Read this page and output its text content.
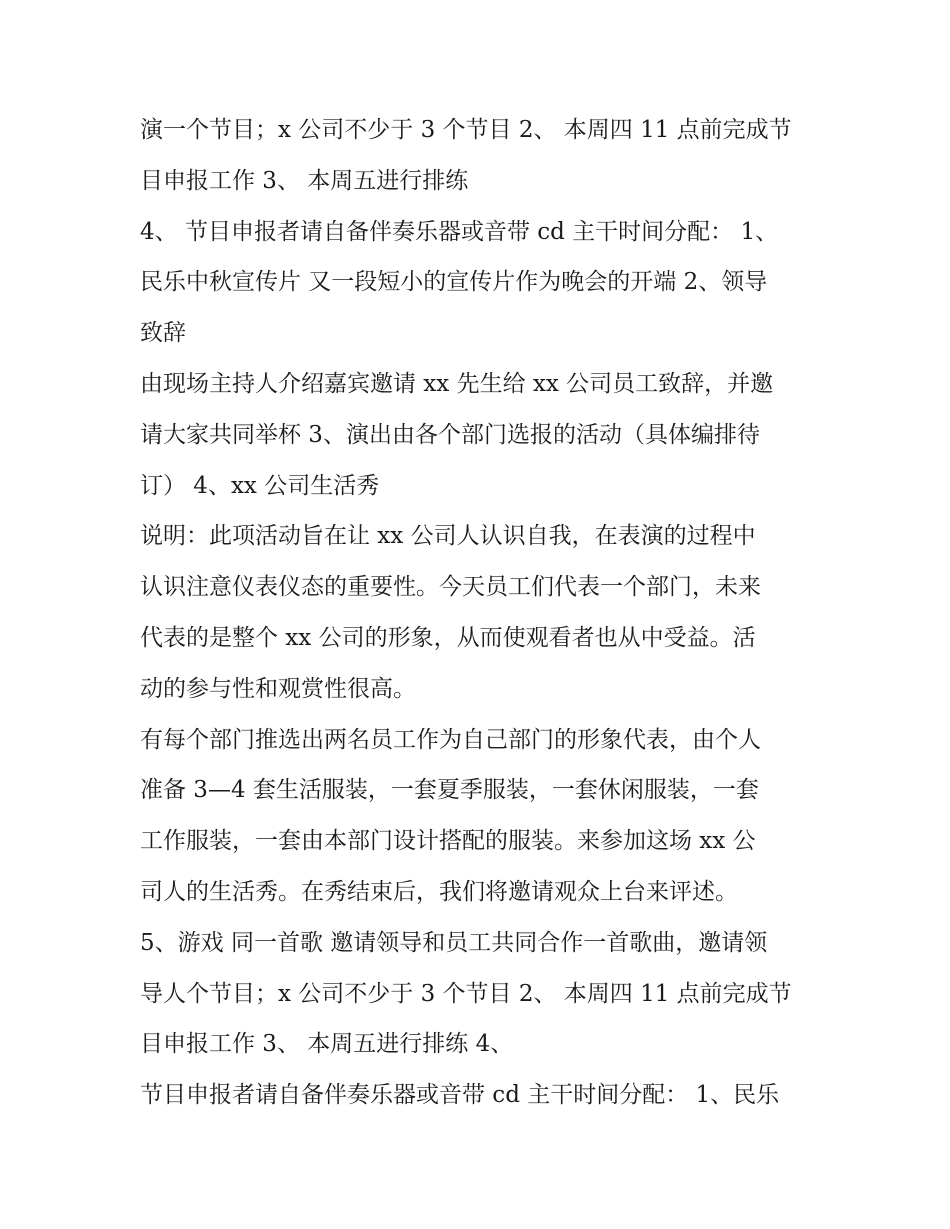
演一个节目；x 公司不少于 3 个节目 2、 本周四 11 点前完成节
目申报工作 3、 本周五进行排练

4、 节目申报者请自备伴奏乐器或音带 cd 主干时间分配： 1、
民乐中秋宣传片 又一段短小的宣传片作为晚会的开端 2、领导
致辞

由现场主持人介绍嘉宾邀请 xx 先生给 xx 公司员工致辞，并邀
请大家共同举杯 3、演出由各个部门选报的活动（具体编排待
订） 4、xx 公司生活秀

说明：此项活动旨在让 xx 公司人认识自我，在表演的过程中
认识注意仪表仪态的重要性。今天员工们代表一个部门，未来
代表的是整个 xx 公司的形象，从而使观看者也从中受益。活
动的参与性和观赏性很高。

有每个部门推选出两名员工作为自己部门的形象代表，由个人
准备 3—4 套生活服装，一套夏季服装，一套休闲服装，一套
工作服装，一套由本部门设计搭配的服装。来参加这场 xx 公
司人的生活秀。在秀结束后，我们将邀请观众上台来评述。

5、游戏 同一首歌 邀请领导和员工共同合作一首歌曲，邀请领
导人个节目；x 公司不少于 3 个节目 2、 本周四 11 点前完成节
目申报工作 3、 本周五进行排练 4、

节目申报者请自备伴奏乐器或音带 cd 主干时间分配： 1、民乐
